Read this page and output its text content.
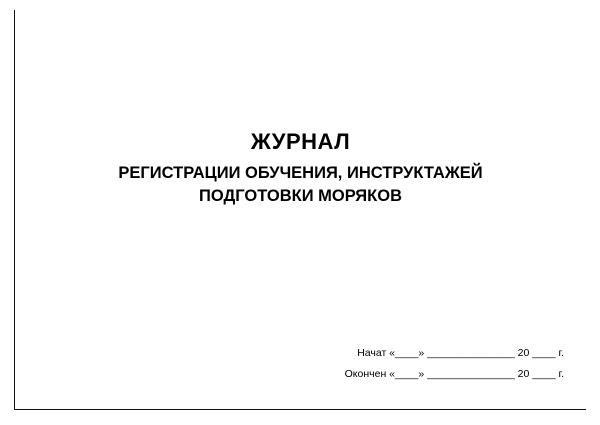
ЖУРНАЛ
РЕГИСТРАЦИИ ОБУЧЕНИЯ, ИНСТРУКТАЖЕЙ
ПОДГОТОВКИ МОРЯКОВ
Начат «____» _______________ 20 ____ г.
Окончен «____» _______________ 20 ____ г.
